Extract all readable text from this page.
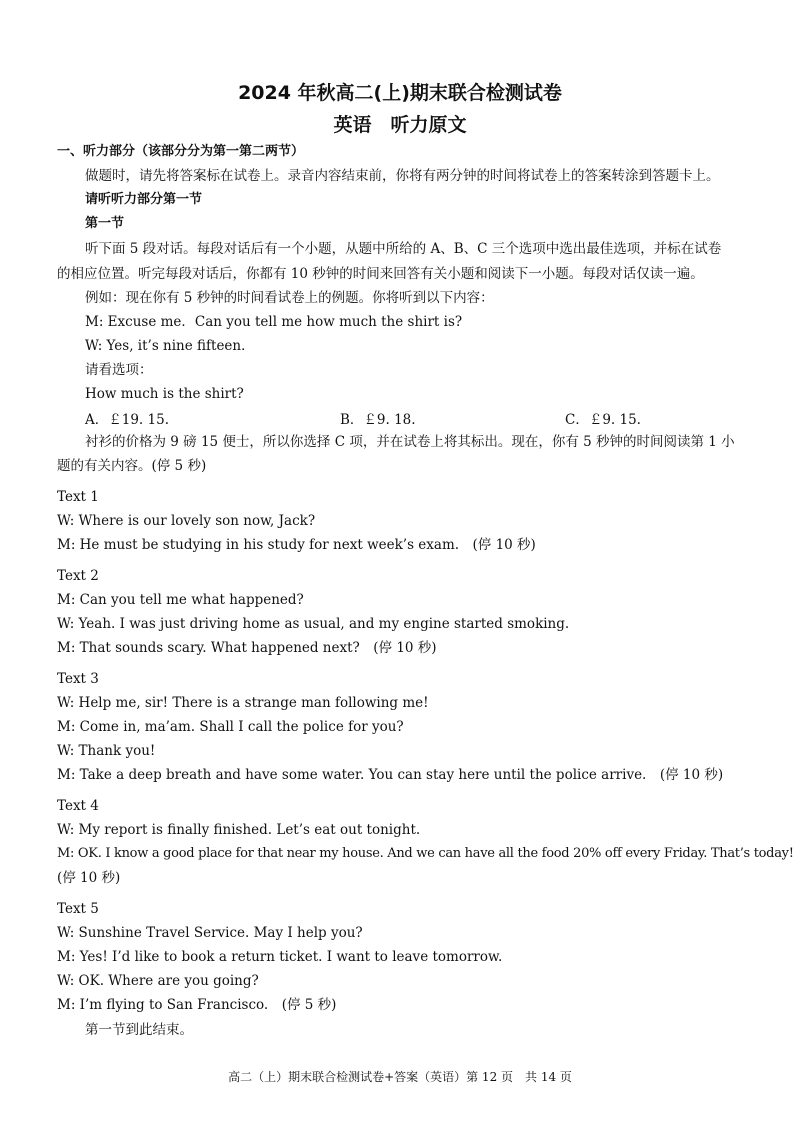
2024 年秋高二(上)期末联合检测试卷
英语　听力原文
一、听力部分（该部分分为第一第二两节）
做题时，请先将答案标在试卷上。录音内容结束前，你将有两分钟的时间将试卷上的答案转涂到答题卡上。
请听听力部分第一节
第一节
听下面 5 段对话。每段对话后有一个小题，从题中所给的 A、B、C 三个选项中选出最佳选项，并标在试卷
的相应位置。听完每段对话后，你都有 10 秒钟的时间来回答有关小题和阅读下一小题。每段对话仅读一遍。
例如：现在你有 5 秒钟的时间看试卷上的例题。你将听到以下内容：
M: Excuse me．Can you tell me how much the shirt is?
W: Yes, it’s nine fifteen．
请看选项：
How much is the shirt?
A．￡19. 15.	B．￡9. 18.	C．￡9. 15.
衬衫的价格为 9 磅 15 便士，所以你选择 C 项，并在试卷上将其标出。现在，你有 5 秒钟的时间阅读第 1 小
题的有关内容。(停 5 秒)
Text 1
W: Where is our lovely son now, Jack?
M: He must be studying in his study for next week’s exam.　(停 10 秒)
Text 2
M: Can you tell me what happened?
W: Yeah. I was just driving home as usual, and my engine started smoking.
M: That sounds scary. What happened next?　(停 10 秒)
Text 3
W: Help me, sir! There is a strange man following me!
M: Come in, ma’am. Shall I call the police for you?
W: Thank you!
M: Take a deep breath and have some water. You can stay here until the police arrive.　(停 10 秒)
Text 4
W: My report is finally finished. Let’s eat out tonight.
M: OK. I know a good place for that near my house. And we can have all the food 20% off every Friday. That’s today!
(停 10 秒)
Text 5
W: Sunshine Travel Service. May I help you?
M: Yes! I’d like to book a return ticket. I want to leave tomorrow.
W: OK. Where are you going?
M: I’m flying to San Francisco.　(停 5 秒)
第一节到此结束。
高二（上）期末联合检测试卷+答案（英语）第 12 页　共 14 页
